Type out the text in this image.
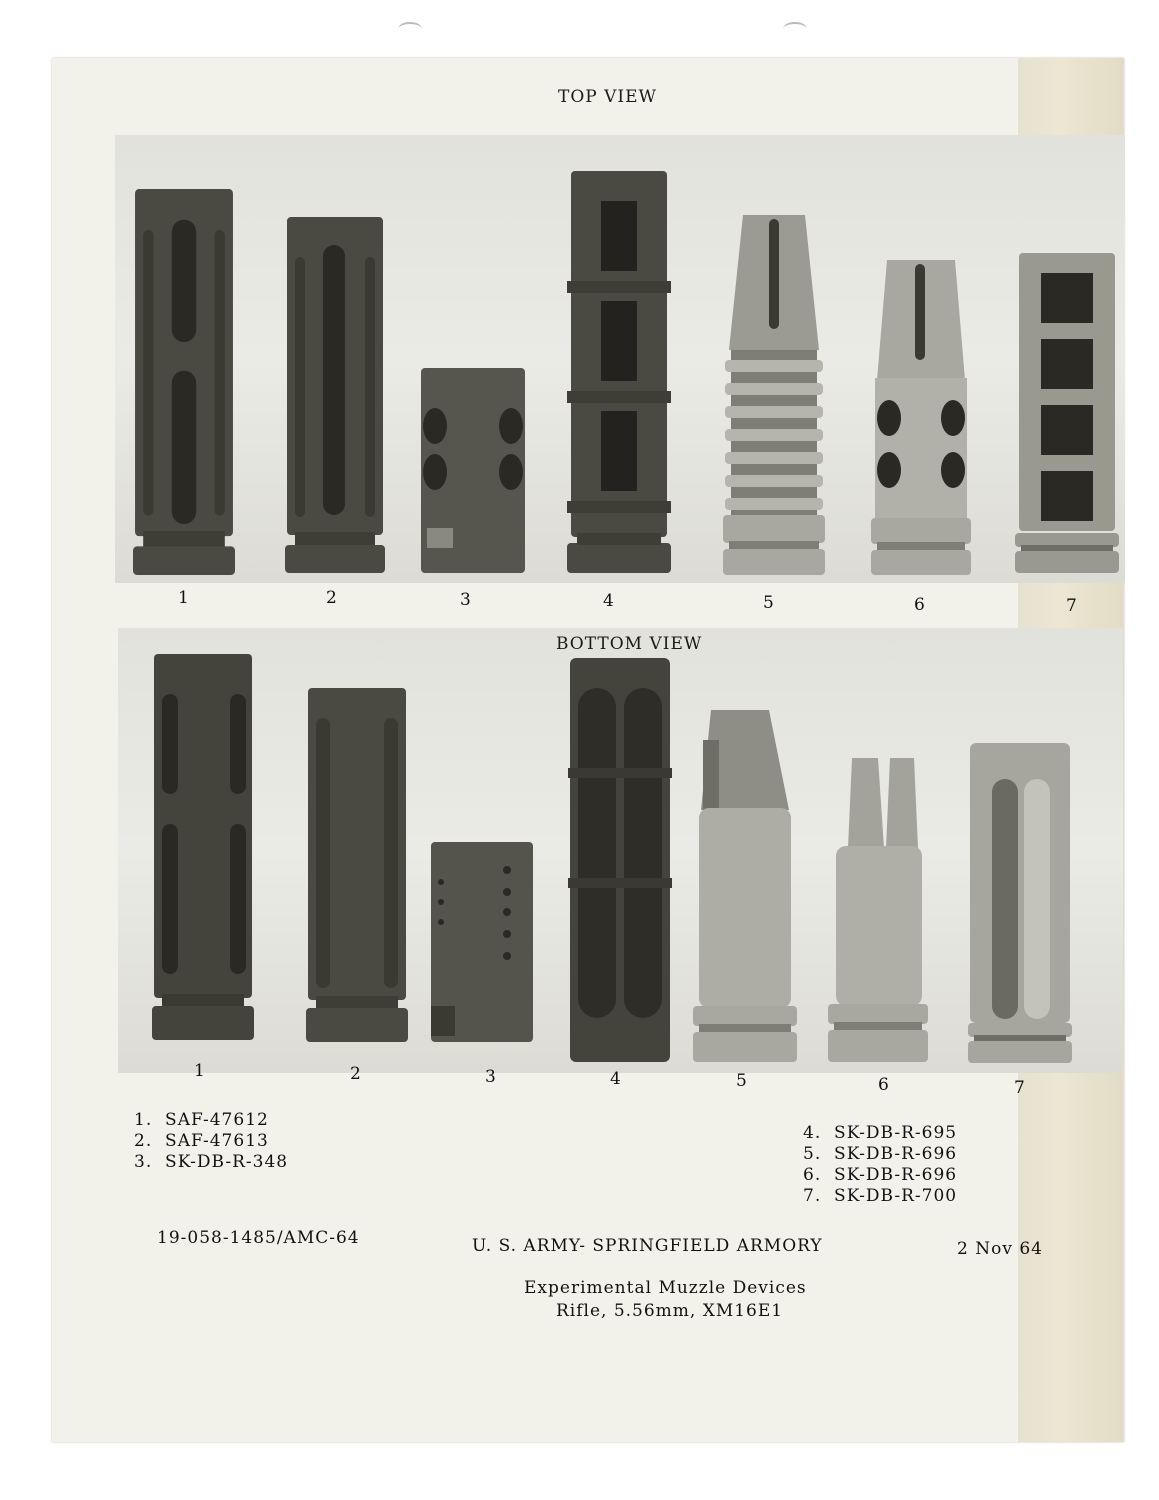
TOP VIEW
1	2	3	4	5	6	7
BOTTOM VIEW
1	2	3	4	5	6	7
1. SAF-47612
2. SAF-47613
3. SK-DB-R-348
4. SK-DB-R-695
5. SK-DB-R-696
6. SK-DB-R-696
7. SK-DB-R-700
19-058-1485/AMC-64	U. S. ARMY- SPRINGFIELD ARMORY	2 Nov 64
Experimental Muzzle Devices
Rifle, 5.56mm, XM16E1
